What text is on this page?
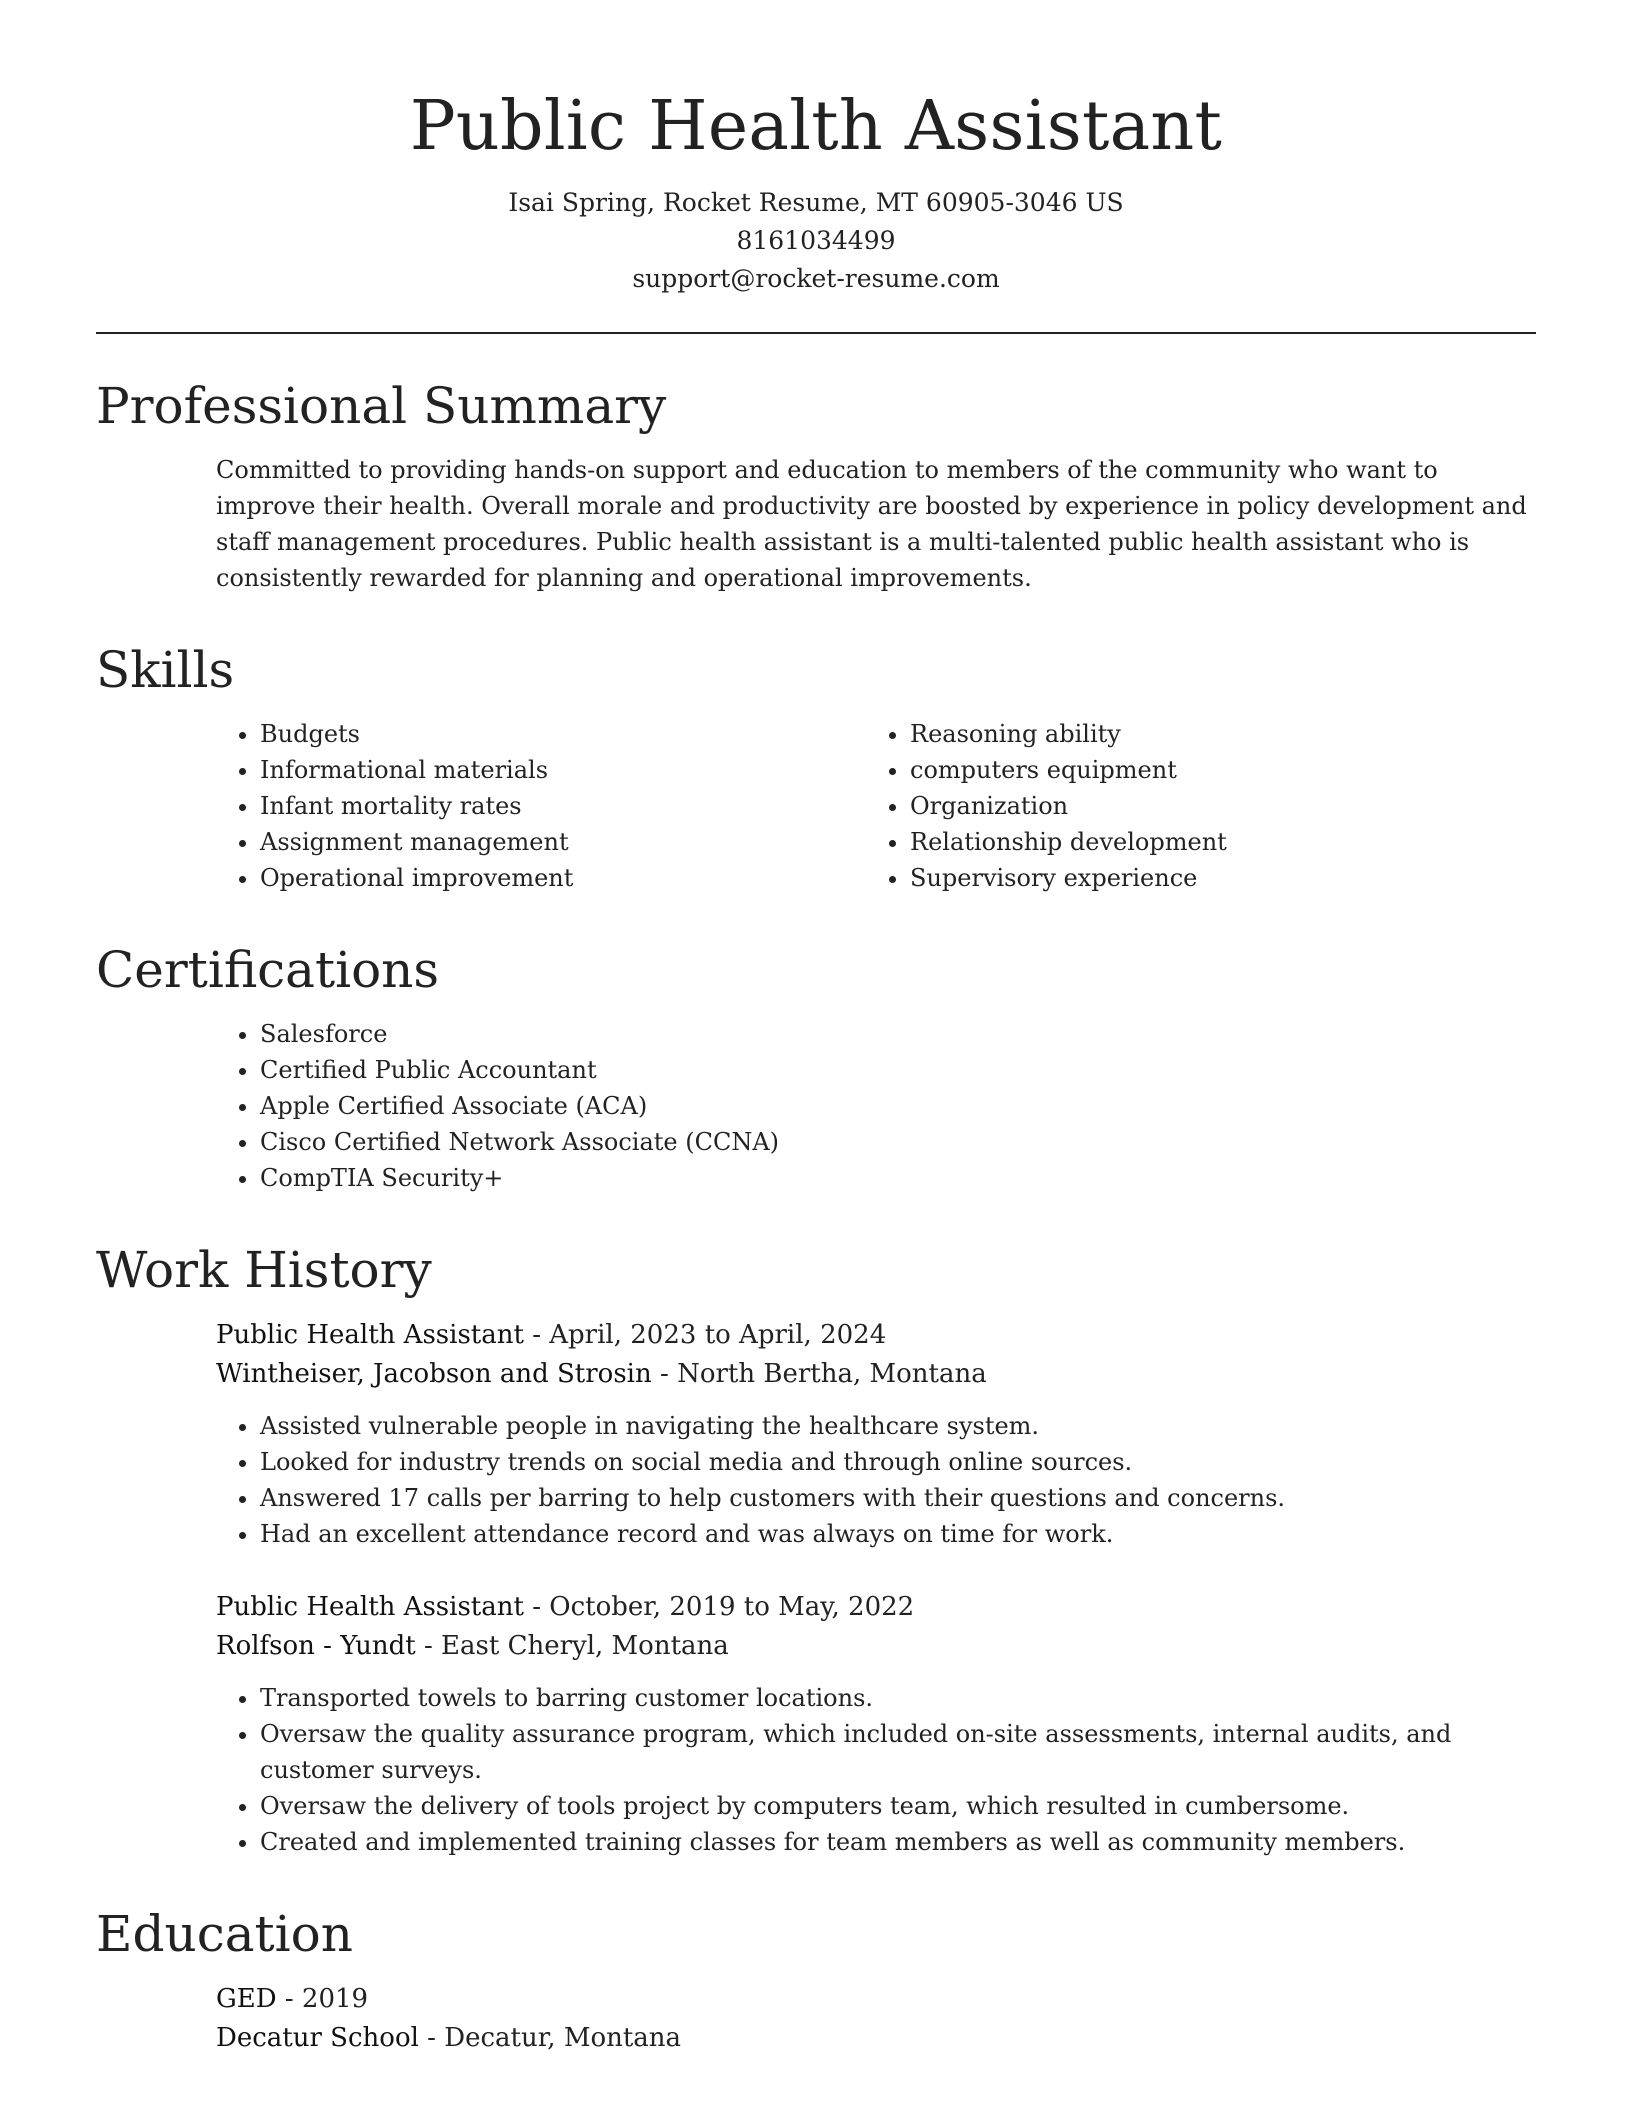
Public Health Assistant
Isai Spring, Rocket Resume, MT 60905-3046 US
8161034499
support@rocket-resume.com
Professional Summary

Committed to providing hands-on support and education to members of the community who want to improve their health. Overall morale and productivity are boosted by experience in policy development and staff management procedures. Public health assistant is a multi-talented public health assistant who is consistently rewarded for planning and operational improvements.

Skills
• Budgets
• Informational materials
• Infant mortality rates
• Assignment management
• Operational improvement
• Reasoning ability
• computers equipment
• Organization
• Relationship development
• Supervisory experience
Certifications
• Salesforce
• Certified Public Accountant
• Apple Certified Associate (ACA)
• Cisco Certified Network Associate (CCNA)
• CompTIA Security+
Work History
Public Health Assistant - April, 2023 to April, 2024
Wintheiser, Jacobson and Strosin - North Bertha, Montana
• Assisted vulnerable people in navigating the healthcare system.
• Looked for industry trends on social media and through online sources.
• Answered 17 calls per barring to help customers with their questions and concerns.
• Had an excellent attendance record and was always on time for work.
Public Health Assistant - October, 2019 to May, 2022
Rolfson - Yundt - East Cheryl, Montana
• Transported towels to barring customer locations.
• Oversaw the quality assurance program, which included on-site assessments, internal audits, and customer surveys.
• Oversaw the delivery of tools project by computers team, which resulted in cumbersome.
• Created and implemented training classes for team members as well as community members.
Education
GED - 2019
Decatur School - Decatur, Montana
